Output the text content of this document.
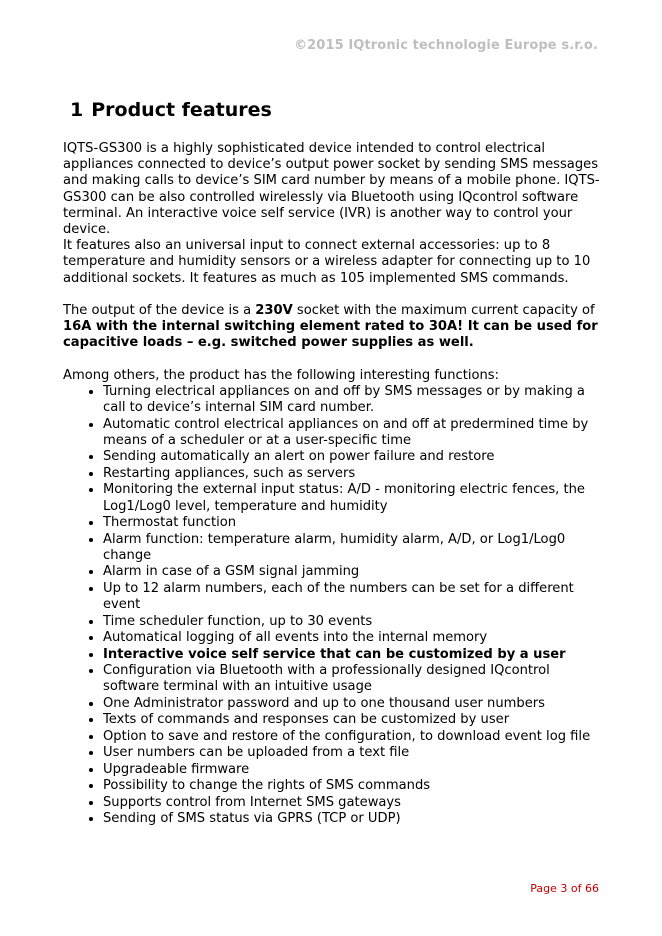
©2015 IQtronic technologie Europe s.r.o.
1 Product features

IQTS-GS300 is a highly sophisticated device intended to control electrical appliances connected to device’s output power socket by sending SMS messages and making calls to device’s SIM card number by means of a mobile phone. IQTS-GS300 can be also controlled wirelessly via Bluetooth using IQcontrol software terminal. An interactive voice self service (IVR) is another way to control your device.

It features also an universal input to connect external accessories: up to 8 temperature and humidity sensors or a wireless adapter for connecting up to 10 additional sockets. It features as much as 105 implemented SMS commands.

The output of the device is a 230V socket with the maximum current capacity of 16A with the internal switching element rated to 30A! It can be used for capacitive loads – e.g. switched power supplies as well.

Among others, the product has the following interesting functions:

• Turning electrical appliances on and off by SMS messages or by making a call to device’s internal SIM card number.
• Automatic control electrical appliances on and off at predermined time by means of a scheduler or at a user-specific time
• Sending automatically an alert on power failure and restore
• Restarting appliances, such as servers
• Monitoring the external input status: A/D - monitoring electric fences, the Log1/Log0 level, temperature and humidity
• Thermostat function
• Alarm function: temperature alarm, humidity alarm, A/D, or Log1/Log0 change
• Alarm in case of a GSM signal jamming
• Up to 12 alarm numbers, each of the numbers can be set for a different event
• Time scheduler function, up to 30 events
• Automatical logging of all events into the internal memory
• Interactive voice self service that can be customized by a user
• Configuration via Bluetooth with a professionally designed IQcontrol software terminal with an intuitive usage
• One Administrator password and up to one thousand user numbers
• Texts of commands and responses can be customized by user
• Option to save and restore of the configuration, to download event log file
• User numbers can be uploaded from a text file
• Upgradeable firmware
• Possibility to change the rights of SMS commands
• Supports control from Internet SMS gateways
• Sending of SMS status via GPRS (TCP or UDP)
Page 3 of 66
